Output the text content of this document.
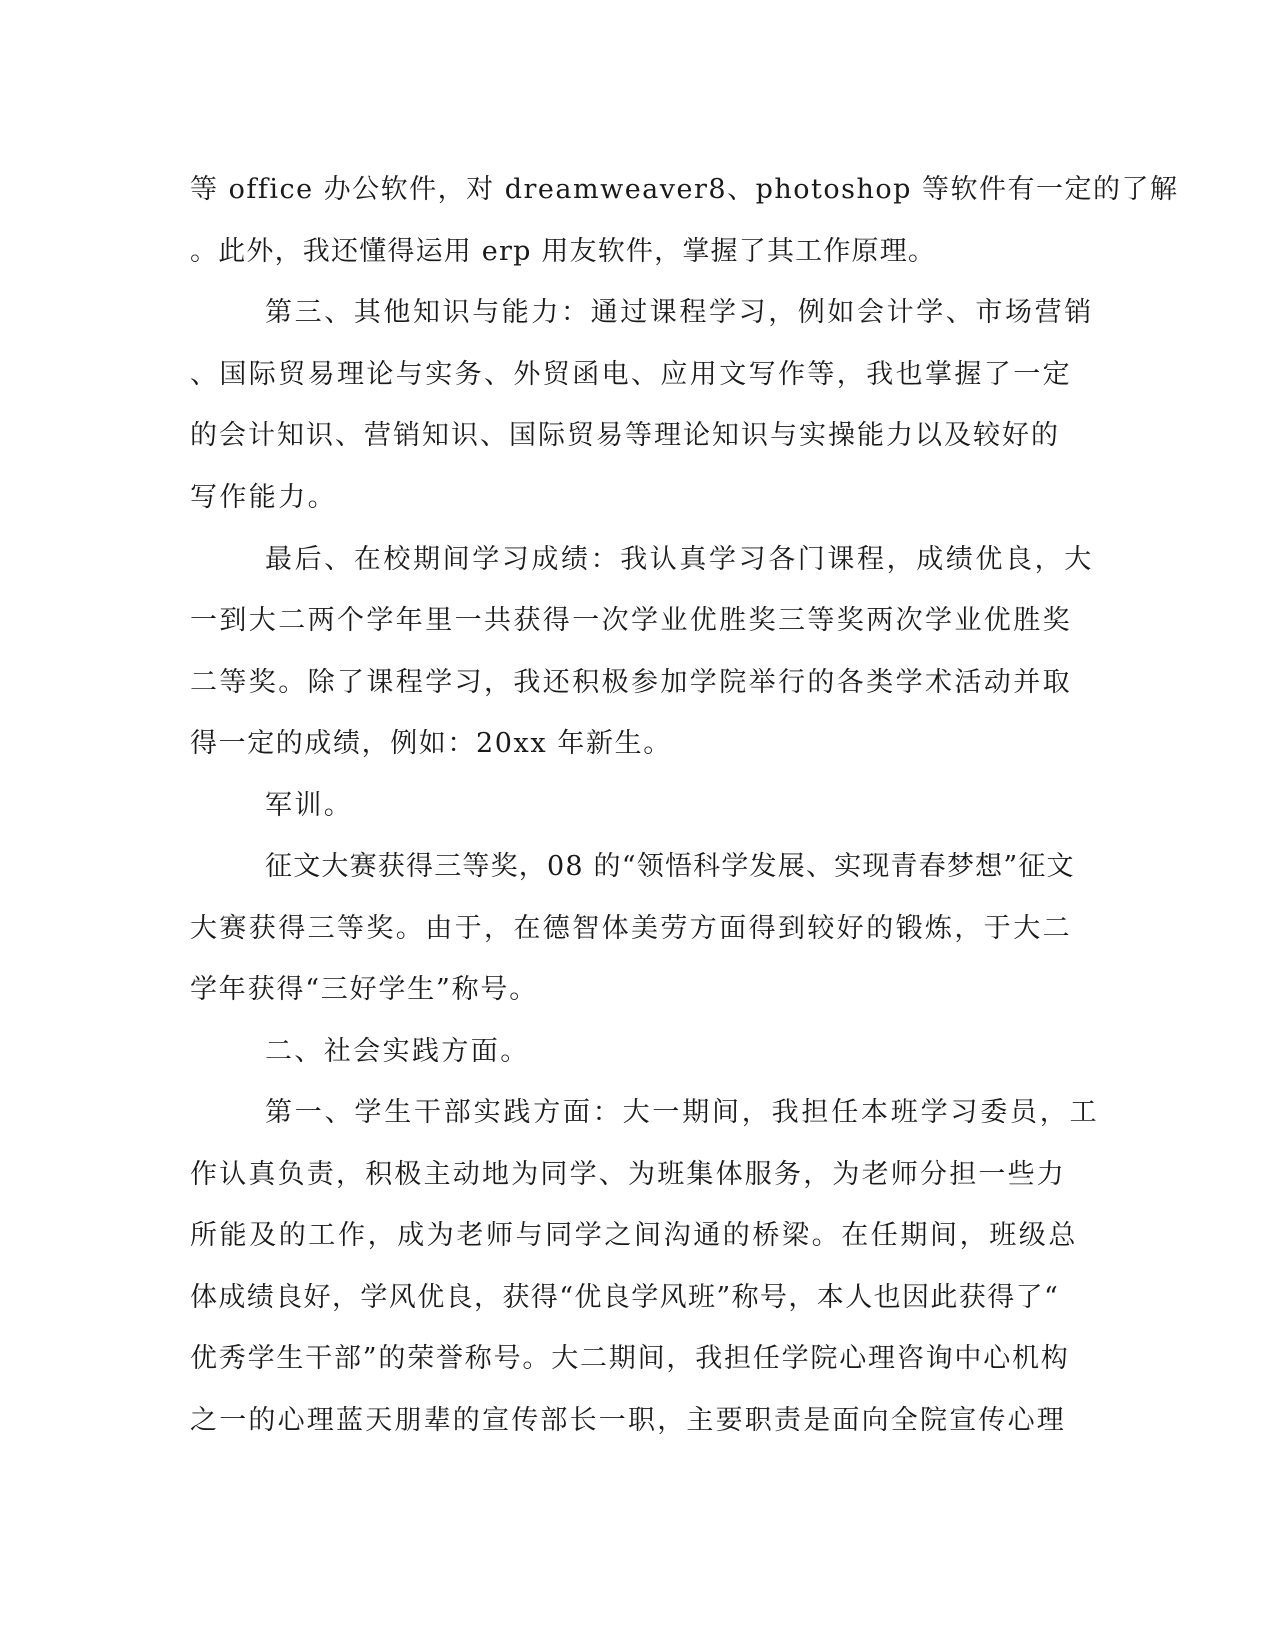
等 office 办公软件，对 dreamweaver8、photoshop 等软件有一定的了解
。此外，我还懂得运用 erp 用友软件，掌握了其工作原理。
第三、其他知识与能力：通过课程学习，例如会计学、市场营销
、国际贸易理论与实务、外贸函电、应用文写作等，我也掌握了一定
的会计知识、营销知识、国际贸易等理论知识与实操能力以及较好的
写作能力。
最后、在校期间学习成绩：我认真学习各门课程，成绩优良，大
一到大二两个学年里一共获得一次学业优胜奖三等奖两次学业优胜奖
二等奖。除了课程学习，我还积极参加学院举行的各类学术活动并取
得一定的成绩，例如：20xx 年新生。
军训。
征文大赛获得三等奖，08 的“领悟科学发展、实现青春梦想”征文
大赛获得三等奖。由于，在德智体美劳方面得到较好的锻炼，于大二
学年获得“三好学生”称号。
二、社会实践方面。
第一、学生干部实践方面：大一期间，我担任本班学习委员，工
作认真负责，积极主动地为同学、为班集体服务，为老师分担一些力
所能及的工作，成为老师与同学之间沟通的桥梁。在任期间，班级总
体成绩良好，学风优良，获得“优良学风班”称号，本人也因此获得了“
优秀学生干部”的荣誉称号。大二期间，我担任学院心理咨询中心机构
之一的心理蓝天朋辈的宣传部长一职，主要职责是面向全院宣传心理
